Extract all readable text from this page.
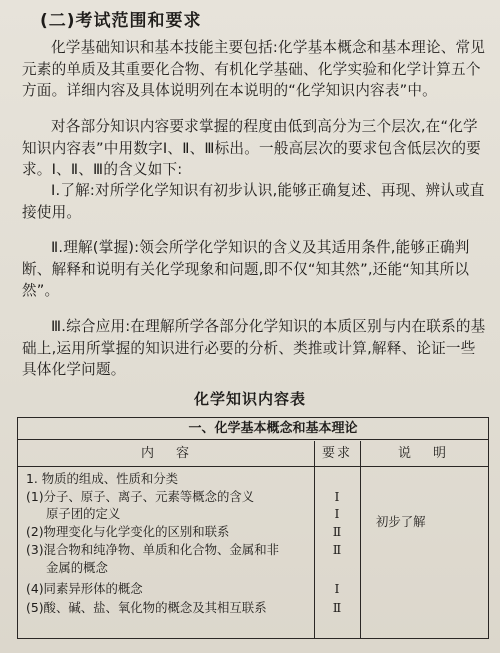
(二)考试范围和要求

化学基础知识和基本技能主要包括:化学基本概念和基本理论、常见元素的单质及其重要化合物、有机化学基础、化学实验和化学计算五个方面。详细内容及具体说明列在本说明的“化学知识内容表”中。

对各部分知识内容要求掌握的程度由低到高分为三个层次,在“化学知识内容表”中用数字Ⅰ、Ⅱ、Ⅲ标出。一般高层次的要求包含低层次的要求。Ⅰ、Ⅱ、Ⅲ的含义如下:

Ⅰ.了解:对所学化学知识有初步认识,能够正确复述、再现、辨认或直接使用。

Ⅱ.理解(掌握):领会所学化学知识的含义及其适用条件,能够正确判断、解释和说明有关化学现象和问题,即不仅“知其然”,还能“知其所以然”。

Ⅲ.综合应用:在理解所学各部分化学知识的本质区别与内在联系的基础上,运用所掌握的知识进行必要的分析、类推或计算,解释、论证一些具体化学问题。

化学知识内容表
一、化学基本概念和基本理论
内容	要求	说明
1. 物质的组成、性质和分类
(1)分子、原子、离子、元素等概念的含义	Ⅰ
原子团的定义	Ⅰ
(2)物理变化与化学变化的区别和联系	Ⅱ
(3)混合物和纯净物、单质和化合物、金属和非	Ⅱ
金属的概念
(4)同素异形体的概念	Ⅰ
(5)酸、碱、盐、氧化物的概念及其相互联系	Ⅱ
初步了解
